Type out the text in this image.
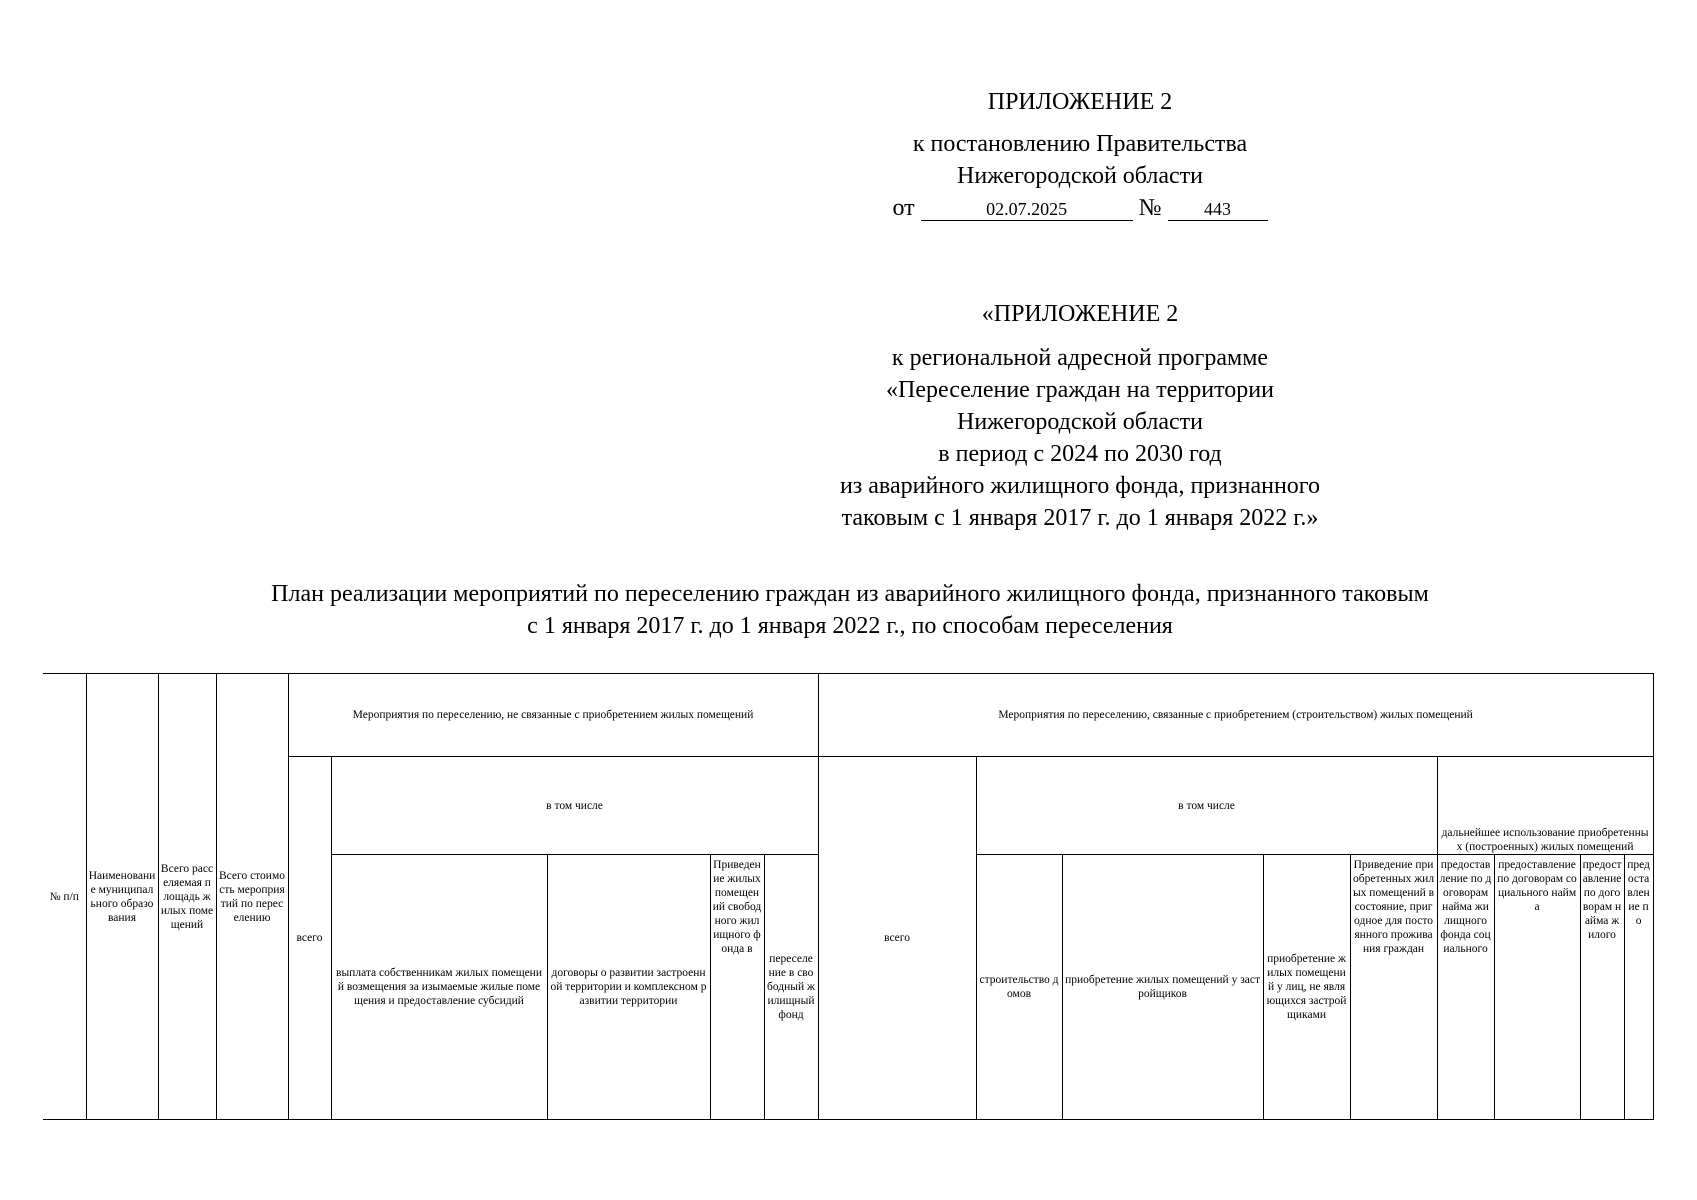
ПРИЛОЖЕНИЕ 2
к постановлению Правительства
Нижегородской области
от	02.07.2025	№ 443
«ПРИЛОЖЕНИЕ 2
к региональной адресной программе
«Переселение граждан на территории
Нижегородской области
в период с 2024 по 2030 год
из аварийного жилищного фонда, признанного
таковым с 1 января 2017 г. до 1 января 2022 г.»
План реализации мероприятий по переселению граждан из аварийного жилищного фонда, признанного таковым
с 1 января 2017 г. до 1 января 2022 г., по способам переселения
№ п/п	Наименование муниципального образования	Всего расселяемая площадь жилых помещений	Всего стоимость мероприятий по переселению	Мероприятия по переселению, не связанные с приобретением жилых помещений					Мероприятия по переселению, связанные с приобретением (строительством) жилых помещений								
				всего	в том числе				всего	в том числе				дальнейшее использование приобретенных (построенных) жилых помещений			
					выплата собственникам жилых помещений возмещения за изымаемые жилые помещения и предоставление субсидий	договоры о развитии застроенной территории и комплексном развитии территории	Приведение жилых помещений свободного жилищного фонда в	переселение в свободный жилищный фонд		строительство домов	приобретение жилых помещений у застройщиков	приобретение жилых помещений у лиц, не являющихся застройщиками	Приведение приобретенных жилых помещений в состояние, пригодное для постоянного проживания граждан	предоставление по договорам найма жилищного фонда социального	предоставление по договорам социального найма	предоставление по договорам найма жилого	предоставление по
